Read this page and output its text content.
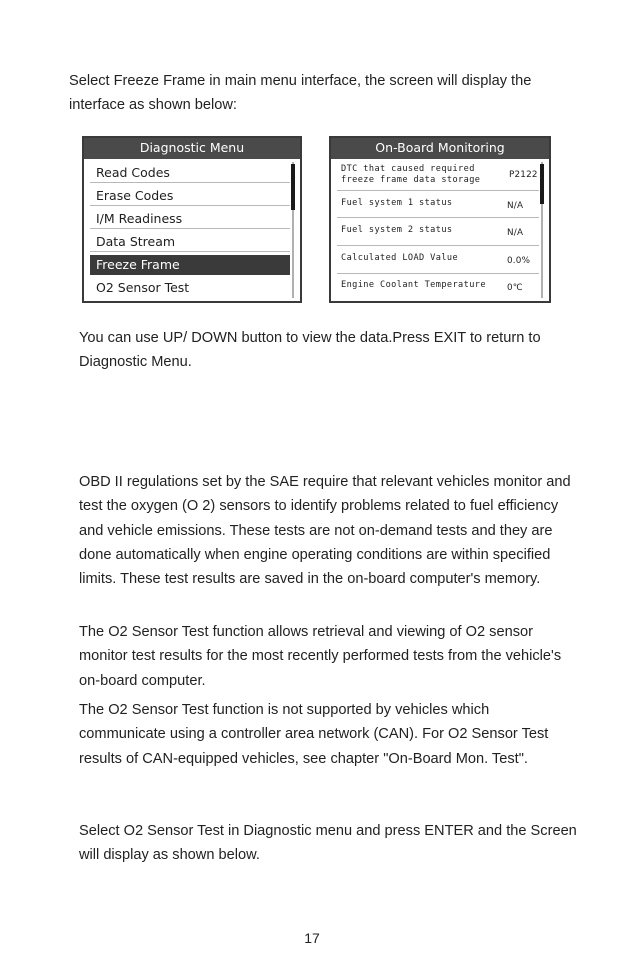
Select Freeze Frame in main menu interface, the screen will display the interface as shown below:

Diagnostic Menu
Read Codes
Erase Codes
I/M Readiness
Data Stream
Freeze Frame
O2 Sensor Test
On-Board Monitoring
DTC that caused required
freeze frame data storage	P2122
Fuel system 1 status	N/A
Fuel system 2 status	N/A
Calculated LOAD Value	0.0%
Engine Coolant Temperature 0℃

You can use UP/ DOWN button to view the data.Press EXIT to return to Diagnostic Menu.

OBD II regulations set by the SAE require that relevant vehicles monitor and test the oxygen (O 2) sensors to identify problems related to fuel efficiency and vehicle emissions. These tests are not on-demand tests and they are done automatically when engine operating conditions are within specified limits. These test results are saved in the on-board computer's memory.

The O2 Sensor Test function allows retrieval and viewing of O2 sensor monitor test results for the most recently performed tests from the vehicle's on-board computer.

The O2 Sensor Test function is not supported by vehicles which communicate using a controller area network (CAN). For O2 Sensor Test results of CAN-equipped vehicles, see chapter "On-Board Mon. Test".

Select O2 Sensor Test in Diagnostic menu and press ENTER and the Screen will display as shown below.

17
